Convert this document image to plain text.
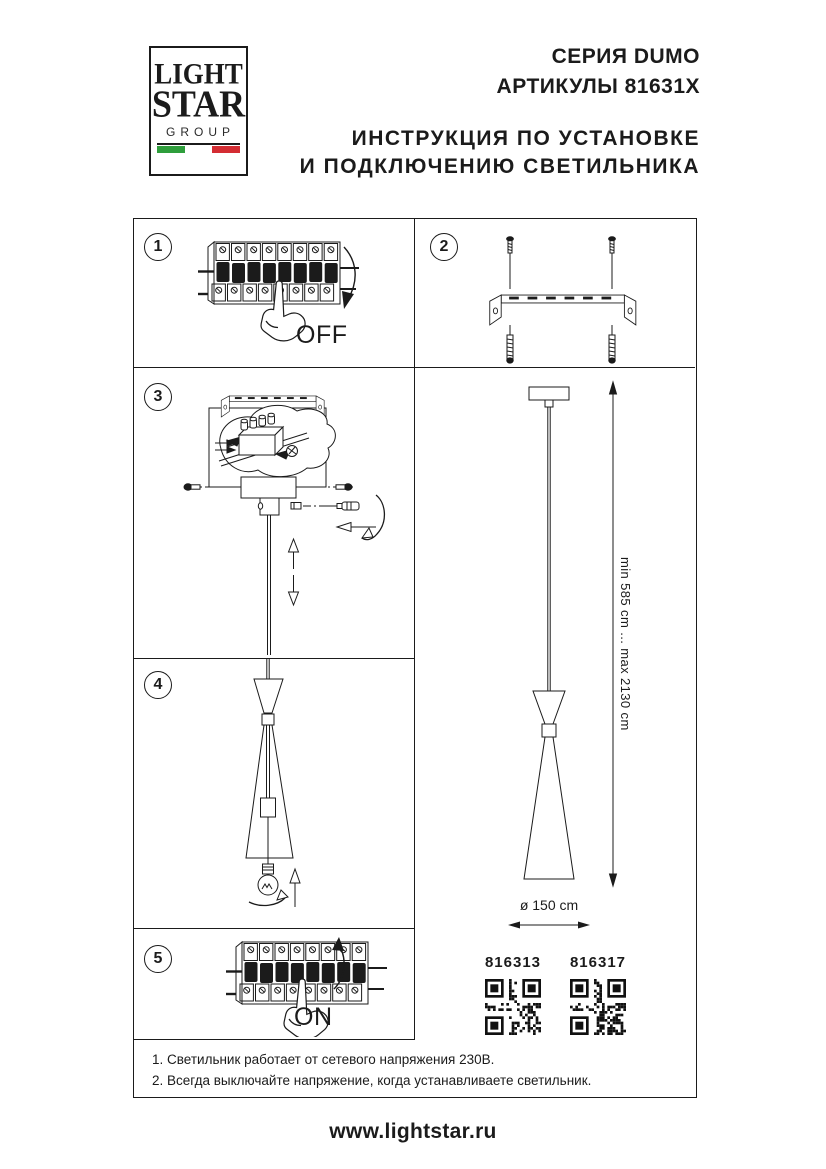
LIGHT
STAR
GROUP
СЕРИЯ DUMO
АРТИКУЛЫ 81631X
ИНСТРУКЦИЯ ПО УСТАНОВКЕ
И ПОДКЛЮЧЕНИЮ СВЕТИЛЬНИКА
1	2
3
4
5
OFF
ON
min 585 cm ... max 2130 cm
ø 150 cm
816313	816317
1. Светильник работает от сетевого напряжения 230В.
2. Всегда выключайте напряжение, когда устанавливаете светильник.
www.lightstar.ru
